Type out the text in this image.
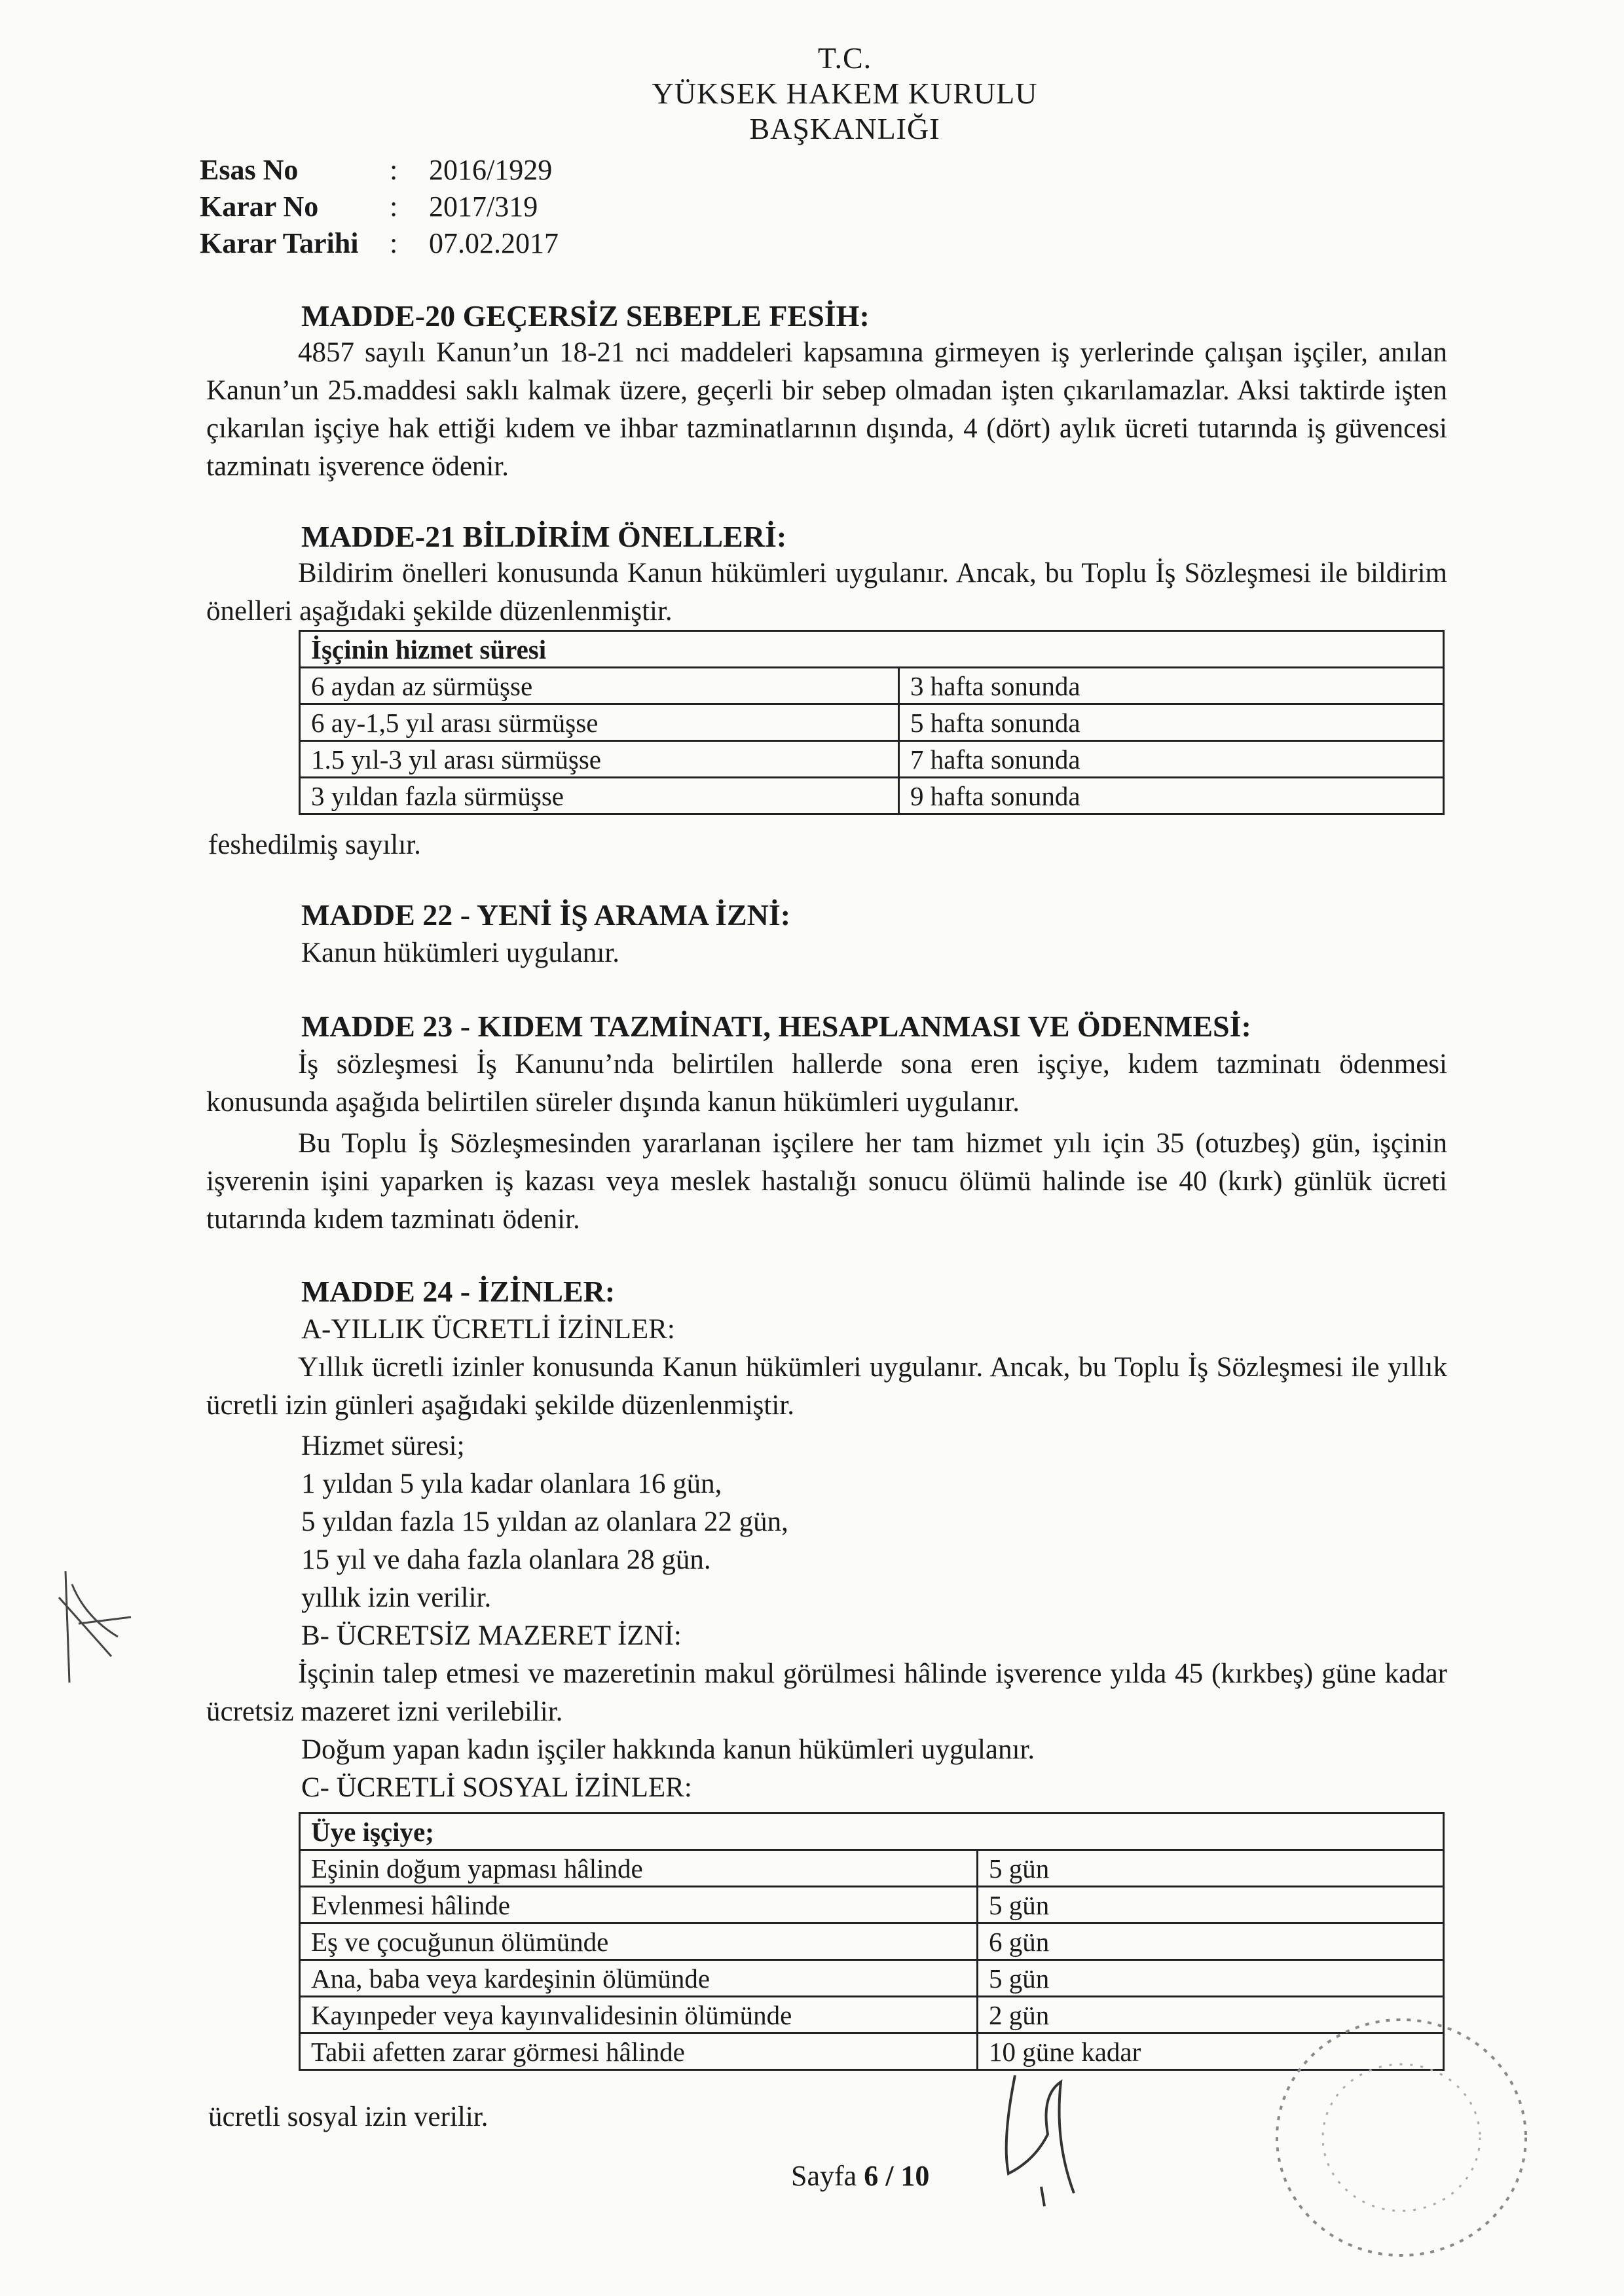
T.C.
YÜKSEK HAKEM KURULU
BAŞKANLIĞI
Esas No	: 2016/1929
Karar No : 2017/319
Karar Tarihi : 07.02.2017
MADDE-20 GEÇERSİZ SEBEPLE FESİH:
4857 sayılı Kanun’un 18-21 nci maddeleri kapsamına girmeyen iş yerlerinde çalışan işçiler, anılan Kanun’un 25.maddesi saklı kalmak üzere, geçerli bir sebep olmadan işten çıkarılamazlar. Aksi taktirde işten çıkarılan işçiye hak ettiği kıdem ve ihbar tazminatlarının dışında, 4 (dört) aylık ücreti tutarında iş güvencesi tazminatı işverence ödenir.
MADDE-21 BİLDİRİM ÖNELLERİ:
Bildirim önelleri konusunda Kanun hükümleri uygulanır. Ancak, bu Toplu İş Sözleşmesi ile bildirim önelleri aşağıdaki şekilde düzenlenmiştir.
İşçinin hizmet süresi	
6 aydan az sürmüşse	3 hafta sonunda
6 ay-1,5 yıl arası sürmüşse	5 hafta sonunda
1.5 yıl-3 yıl arası sürmüşse	7 hafta sonunda
3 yıldan fazla sürmüşse	9 hafta sonunda
feshedilmiş sayılır.
MADDE 22 - YENİ İŞ ARAMA İZNİ:
Kanun hükümleri uygulanır.
MADDE 23 - KIDEM TAZMİNATI, HESAPLANMASI VE ÖDENMESİ:
İş sözleşmesi İş Kanunu’nda belirtilen hallerde sona eren işçiye, kıdem tazminatı ödenmesi konusunda aşağıda belirtilen süreler dışında kanun hükümleri uygulanır.
Bu Toplu İş Sözleşmesinden yararlanan işçilere her tam hizmet yılı için 35 (otuzbeş) gün, işçinin işverenin işini yaparken iş kazası veya meslek hastalığı sonucu ölümü halinde ise 40 (kırk) günlük ücreti tutarında kıdem tazminatı ödenir.
MADDE 24 - İZİNLER:
A-YILLIK ÜCRETLİ İZİNLER:
Yıllık ücretli izinler konusunda Kanun hükümleri uygulanır. Ancak, bu Toplu İş Sözleşmesi ile yıllık ücretli izin günleri aşağıdaki şekilde düzenlenmiştir.
Hizmet süresi;
1 yıldan 5 yıla kadar olanlara 16 gün,
5 yıldan fazla 15 yıldan az olanlara 22 gün,
15 yıl ve daha fazla olanlara 28 gün.
yıllık izin verilir.
B- ÜCRETSİZ MAZERET İZNİ:
İşçinin talep etmesi ve mazeretinin makul görülmesi hâlinde işverence yılda 45 (kırkbeş) güne kadar ücretsiz mazeret izni verilebilir.
Doğum yapan kadın işçiler hakkında kanun hükümleri uygulanır.
C- ÜCRETLİ SOSYAL İZİNLER:
Üye işçiye;	
Eşinin doğum yapması hâlinde	5 gün
Evlenmesi hâlinde	5 gün
Eş ve çocuğunun ölümünde	6 gün
Ana, baba veya kardeşinin ölümünde	5 gün
Kayınpeder veya kayınvalidesinin ölümünde	2 gün
Tabii afetten zarar görmesi hâlinde	10 güne kadar
ücretli sosyal izin verilir.
Sayfa 6 / 10
